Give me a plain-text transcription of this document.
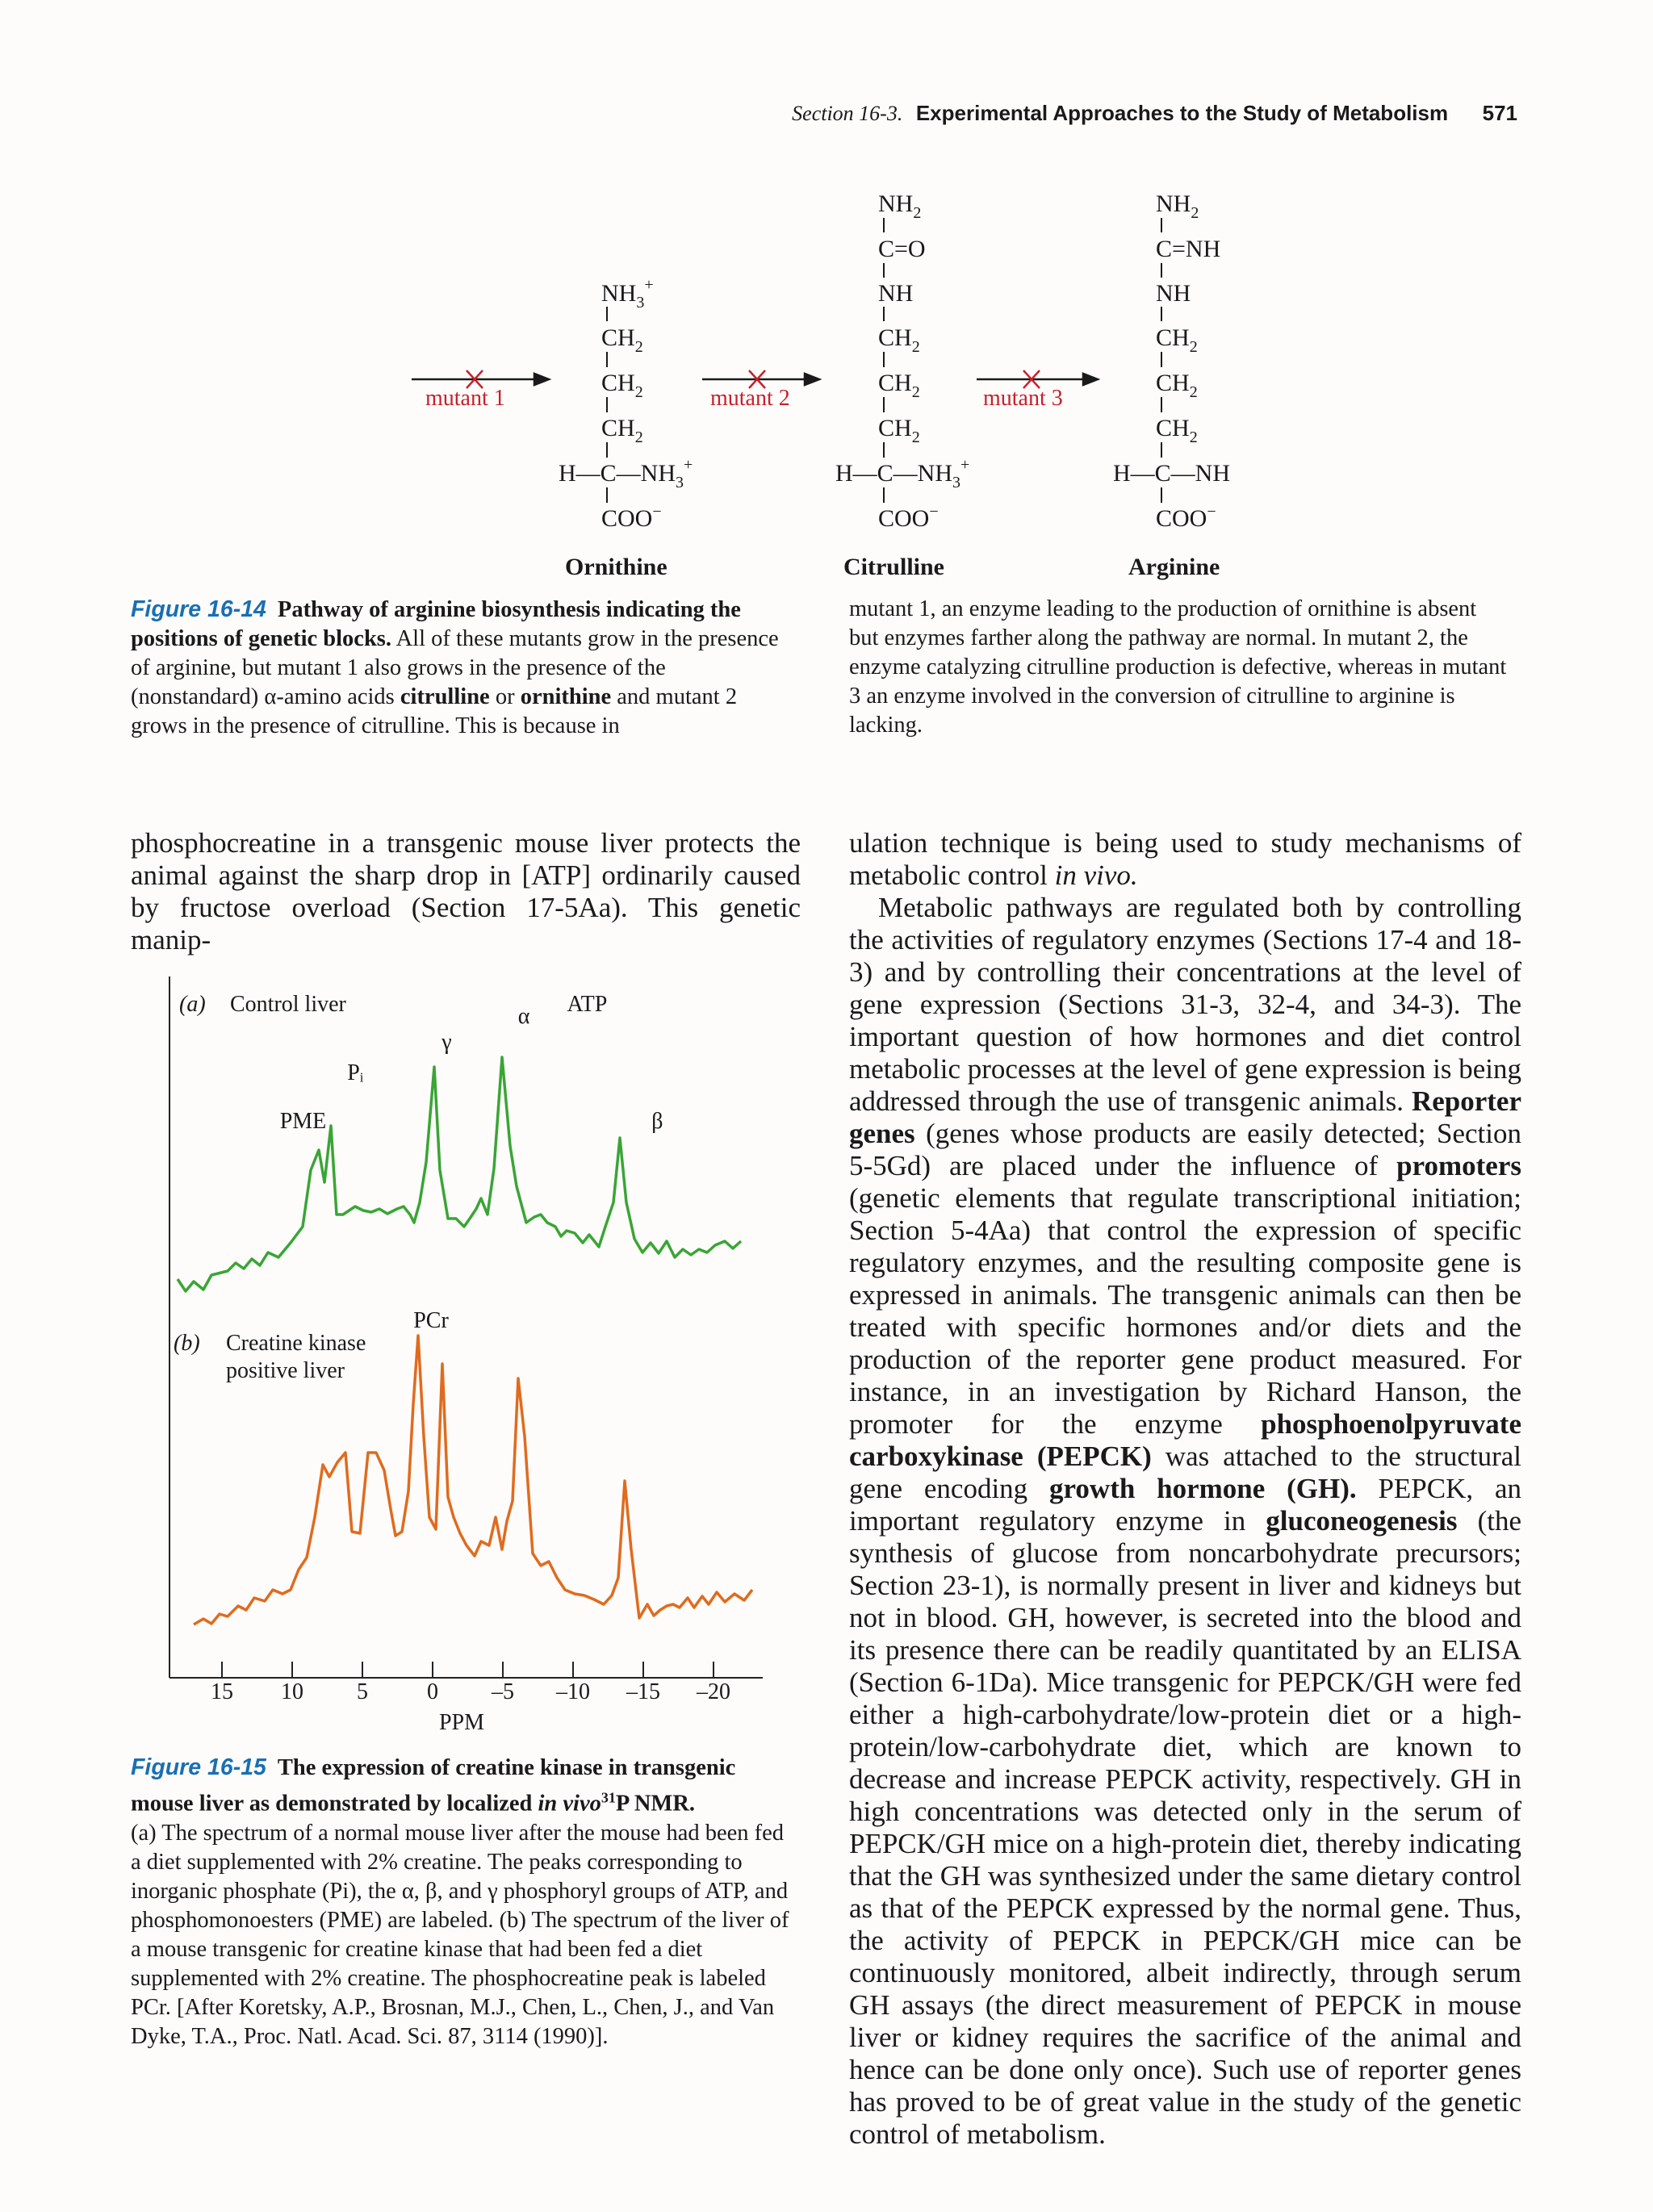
Section 16-3. Experimental Approaches to the Study of Metabolism 571
$NH_3^+$
$CH_2$
$CH_2$
$CH_2$
$H—C—NH_3^+$
COO−
$NH_2$
C=O
NH
$CH_2$
$CH_2$
$CH_2$
$H—C—NH_3^+$
COO−
$NH_2$
C=NH
NH
$CH_2$
$CH_2$
$CH_2$
H—C—NH
COO−
mutant 1	mutant 2	mutant 3
Ornithine	Citrulline	Arginine
Figure 16-14 Pathway of arginine biosynthesis indicating the positions of genetic blocks. All of these mutants grow in the presence of arginine, but mutant 1 also grows in the presence of the (nonstandard) α-amino acids citrulline or ornithine and mutant 2 grows in the presence of citrulline. This is because in
mutant 1, an enzyme leading to the production of ornithine is absent but enzymes farther along the pathway are normal. In mutant 2, the enzyme catalyzing citrulline production is defective, whereas in mutant 3 an enzyme involved in the conversion of citrulline to arginine is lacking.
phosphocreatine in a transgenic mouse liver protects the animal against the sharp drop in [ATP] ordinarily caused by fructose overload (Section 17-5Aa). This genetic manip-
15 10 5	0 –5 –10 –15 –20
(a) Control liver
(b) Creatine kinase
positive liver
PME
Pᵢ
γ
α ATP
β
PCr
PPM
Figure 16-15 The expression of creatine kinase in transgenic mouse liver as demonstrated by localized in vivo$^{31}$P NMR.
(a) The spectrum of a normal mouse liver after the mouse had been fed a diet supplemented with 2% creatine. The peaks corresponding to inorganic phosphate (Pi), the α, β, and γ phosphoryl groups of ATP, and phosphomonoesters (PME) are labeled. (b) The spectrum of the liver of a mouse transgenic for creatine kinase that had been fed a diet supplemented with 2% creatine. The phosphocreatine peak is labeled PCr. [After Koretsky, A.P., Brosnan, M.J., Chen, L., Chen, J., and Van Dyke, T.A., Proc. Natl. Acad. Sci. 87, 3114 (1990)].

ulation technique is being used to study mechanisms of metabolic control in vivo.

Metabolic pathways are regulated both by controlling the activities of regulatory enzymes (Sections 17-4 and 18-3) and by controlling their concentrations at the level of gene expression (Sections 31-3, 32-4, and 34-3). The important question of how hormones and diet control metabolic processes at the level of gene expression is being addressed through the use of transgenic animals. Reporter genes (genes whose products are easily detected; Section 5-5Gd) are placed under the influence of promoters (genetic elements that regulate transcriptional initiation; Section 5-4Aa) that control the expression of specific regulatory enzymes, and the resulting composite gene is expressed in animals. The transgenic animals can then be treated with specific hormones and/or diets and the production of the reporter gene product measured. For instance, in an investigation by Richard Hanson, the promoter for the enzyme phosphoenolpyruvate carboxykinase (PEPCK) was attached to the structural gene encoding growth hormone (GH). PEPCK, an important regulatory enzyme in gluconeogenesis (the synthesis of glucose from noncarbohydrate precursors; Section 23-1), is normally present in liver and kidneys but not in blood. GH, however, is secreted into the blood and its presence there can be readily quantitated by an ELISA (Section 6-1Da). Mice transgenic for PEPCK/GH were fed either a high-carbohydrate/low-protein diet or a high-protein/low-carbohydrate diet, which are known to decrease and increase PEPCK activity, respectively. GH in high concentrations was detected only in the serum of PEPCK/GH mice on a high-protein diet, thereby indicating that the GH was synthesized under the same dietary control as that of the PEPCK expressed by the normal gene. Thus, the activity of PEPCK in PEPCK/GH mice can be continuously monitored, albeit indirectly, through serum GH assays (the direct measurement of PEPCK in mouse liver or kidney requires the sacrifice of the animal and hence can be done only once). Such use of reporter genes has proved to be of great value in the study of the genetic control of metabolism.
